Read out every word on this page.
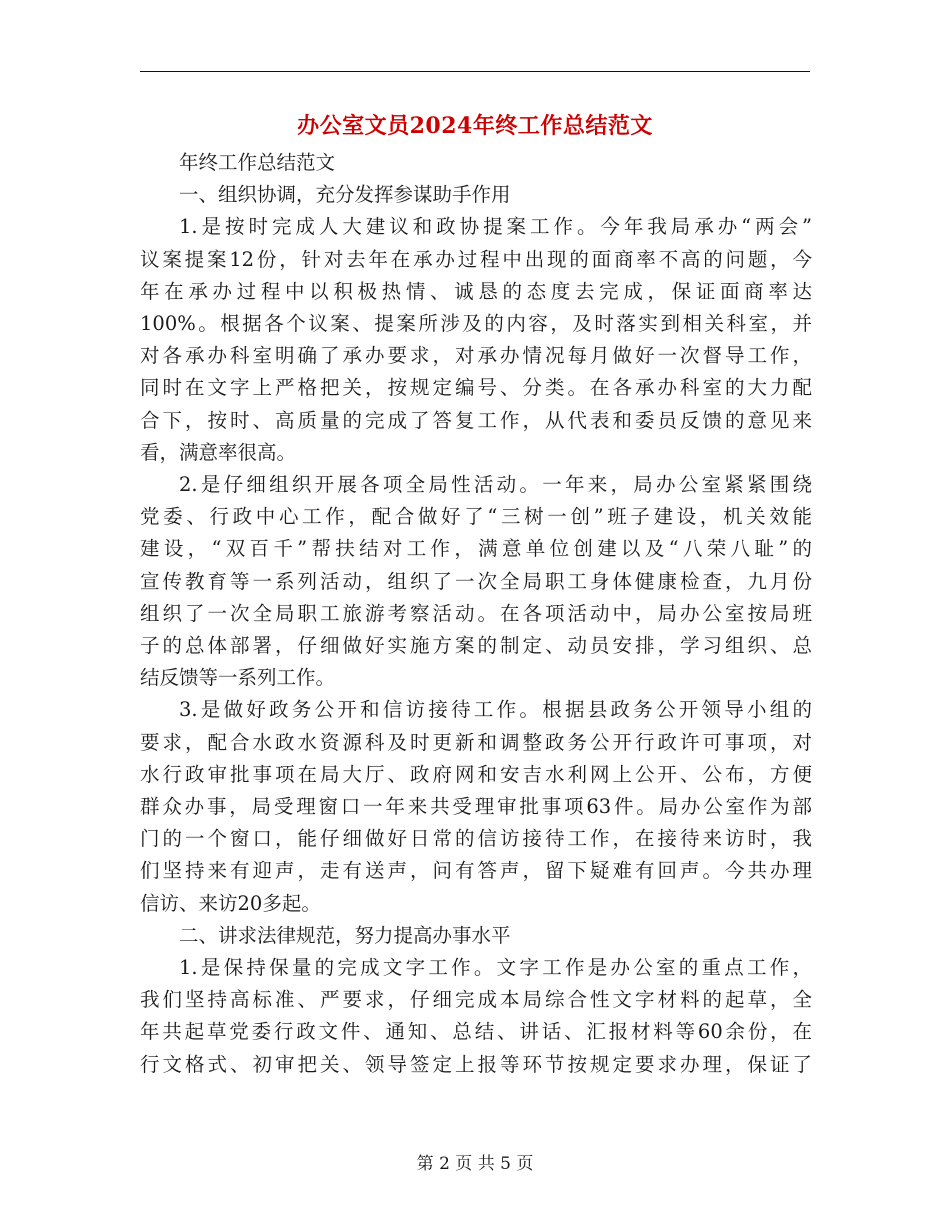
办公室文员2024年终工作总结范文

年终工作总结范文

一、组织协调，充分发挥参谋助手作用

1.是按时完成人大建议和政协提案工作。今年我局承办“两会”
议案提案12份，针对去年在承办过程中出现的面商率不高的问题，今
年在承办过程中以积极热情、诚恳的态度去完成，保证面商率达
100%。根据各个议案、提案所涉及的内容，及时落实到相关科室，并
对各承办科室明确了承办要求，对承办情况每月做好一次督导工作，
同时在文字上严格把关，按规定编号、分类。在各承办科室的大力配
合下，按时、高质量的完成了答复工作，从代表和委员反馈的意见来
看，满意率很高。
2.是仔细组织开展各项全局性活动。一年来，局办公室紧紧围绕
党委、行政中心工作，配合做好了“三树一创”班子建设，机关效能
建设，“双百千”帮扶结对工作，满意单位创建以及“八荣八耻”的
宣传教育等一系列活动，组织了一次全局职工身体健康检查，九月份
组织了一次全局职工旅游考察活动。在各项活动中，局办公室按局班
子的总体部署，仔细做好实施方案的制定、动员安排，学习组织、总
结反馈等一系列工作。
3.是做好政务公开和信访接待工作。根据县政务公开领导小组的
要求，配合水政水资源科及时更新和调整政务公开行政许可事项，对
水行政审批事项在局大厅、政府网和安吉水利网上公开、公布，方便
群众办事，局受理窗口一年来共受理审批事项63件。局办公室作为部
门的一个窗口，能仔细做好日常的信访接待工作，在接待来访时，我
们坚持来有迎声，走有送声，问有答声，留下疑难有回声。今共办理
信访、来访20多起。

二、讲求法律规范，努力提高办事水平

1.是保持保量的完成文字工作。文字工作是办公室的重点工作，
我们坚持高标准、严要求，仔细完成本局综合性文字材料的起草，全
年共起草党委行政文件、通知、总结、讲话、汇报材料等60余份，在
行文格式、初审把关、领导签定上报等环节按规定要求办理，保证了
第 2 页 共 5 页
